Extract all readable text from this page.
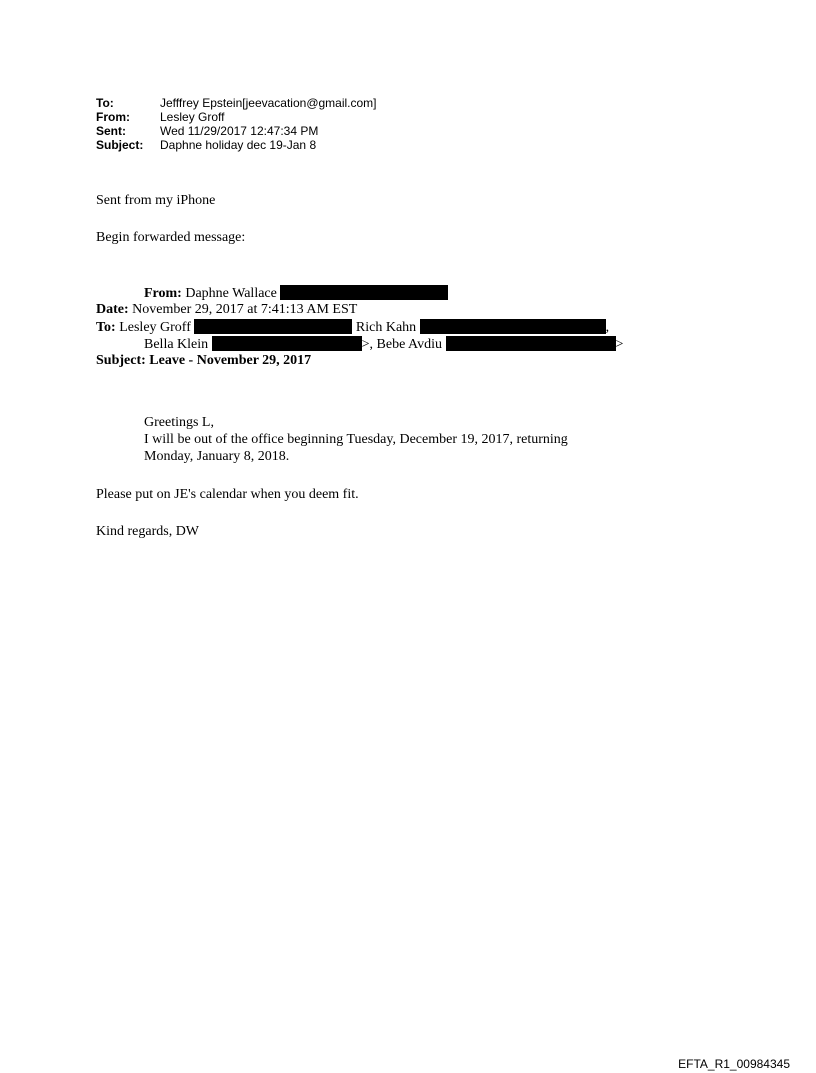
To:	Jefffrey Epstein[jeevacation@gmail.com]
From:	Lesley Groff
Sent:	Wed 11/29/2017 12:47:34 PM
Subject:	Daphne holiday dec 19-Jan 8
Sent from my iPhone
Begin forwarded message:
From: Daphne Wallace
Date: November 29, 2017 at 7:41:13 AM EST
To: Lesley Groff	Rich Kahn	,
Bella Klein	>, Bebe Avdiu	>
Subject: Leave - November 29, 2017
Greetings L,
I will be out of the office beginning Tuesday, December 19, 2017, returning
Monday, January 8, 2018.
Please put on JE's calendar when you deem fit.
Kind regards, DW
EFTA_R1_00984345
